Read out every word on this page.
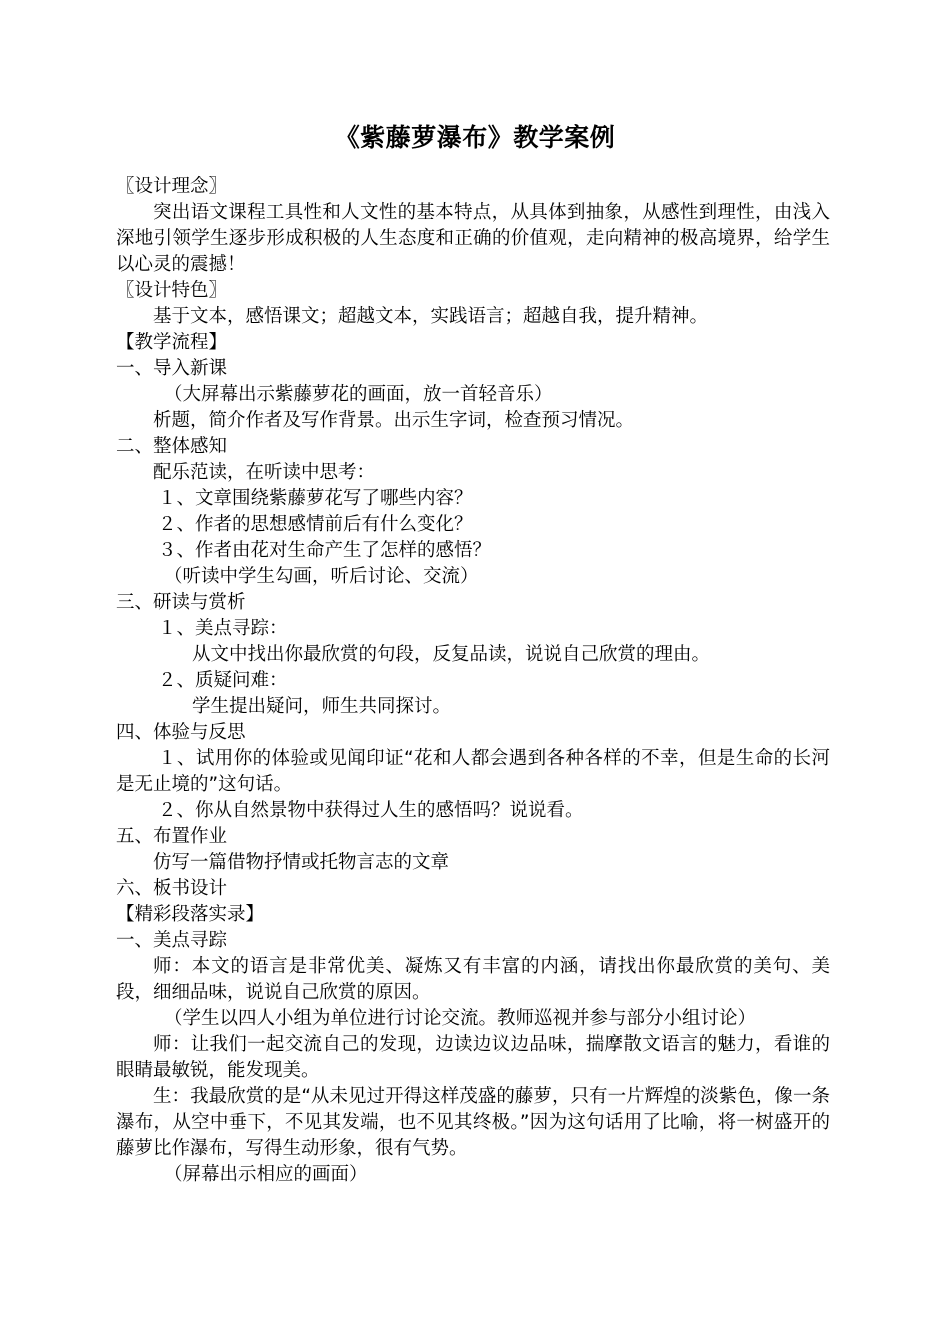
《紫藤萝瀑布》教学案例

〖设计理念〗

突出语文课程工具性和人文性的基本特点，从具体到抽象，从感性到理性，由浅入深地引领学生逐步形成积极的人生态度和正确的价值观，走向精神的极高境界，给学生以心灵的震撼！

〖设计特色〗

基于文本，感悟课文；超越文本，实践语言；超越自我，提升精神。

【教学流程】

一、导入新课

（大屏幕出示紫藤萝花的画面，放一首轻音乐）

析题，简介作者及写作背景。出示生字词，检查预习情况。

二、整体感知

配乐范读，在听读中思考：

１、文章围绕紫藤萝花写了哪些内容？

２、作者的思想感情前后有什么变化？

３、作者由花对生命产生了怎样的感悟？

（听读中学生勾画，听后讨论、交流）

三、研读与赏析

１、美点寻踪：

从文中找出你最欣赏的句段，反复品读，说说自己欣赏的理由。

２、质疑问难：

学生提出疑问，师生共同探讨。

四、体验与反思

１、试用你的体验或见闻印证“花和人都会遇到各种各样的不幸，但是生命的长河是无止境的”这句话。

２、你从自然景物中获得过人生的感悟吗？说说看。

五、布置作业

仿写一篇借物抒情或托物言志的文章

六、板书设计

【精彩段落实录】

一、美点寻踪

师：本文的语言是非常优美、凝炼又有丰富的内涵，请找出你最欣赏的美句、美段，细细品味，说说自己欣赏的原因。

（学生以四人小组为单位进行讨论交流。教师巡视并参与部分小组讨论）

师：让我们一起交流自己的发现，边读边议边品味，揣摩散文语言的魅力，看谁的眼睛最敏锐，能发现美。

生：我最欣赏的是“从未见过开得这样茂盛的藤萝，只有一片辉煌的淡紫色，像一条瀑布，从空中垂下，不见其发端，也不见其终极。”因为这句话用了比喻，将一树盛开的藤萝比作瀑布，写得生动形象，很有气势。

（屏幕出示相应的画面）
